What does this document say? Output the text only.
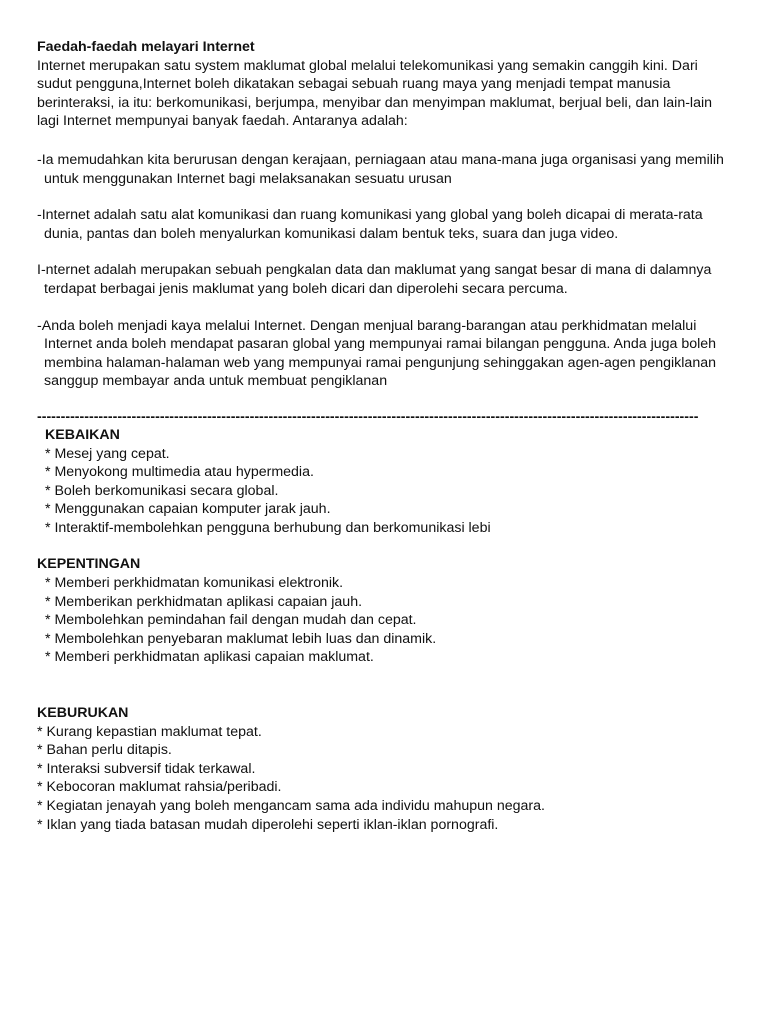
Faedah-faedah melayari Internet

Internet merupakan satu system maklumat global melalui telekomunikasi yang semakin canggih kini. Dari sudut pengguna,Internet boleh dikatakan sebagai sebuah ruang maya yang menjadi tempat manusia berinteraksi, ia itu: berkomunikasi, berjumpa, menyibar dan menyimpan maklumat, berjual beli, dan lain-lain lagi Internet mempunyai banyak faedah. Antaranya adalah:

-Ia memudahkan kita berurusan dengan kerajaan, perniagaan atau mana-mana juga organisasi yang memilih untuk menggunakan Internet bagi melaksanakan sesuatu urusan

-Internet adalah satu alat komunikasi dan ruang komunikasi yang global yang boleh dicapai di merata-rata dunia, pantas dan boleh menyalurkan komunikasi dalam bentuk teks, suara dan juga video.

I-nternet adalah merupakan sebuah pengkalan data dan maklumat yang sangat besar di mana di dalamnya terdapat berbagai jenis maklumat yang boleh dicari dan diperolehi secara percuma.

-Anda boleh menjadi kaya melalui Internet. Dengan menjual barang-barangan atau perkhidmatan melalui Internet anda boleh mendapat pasaran global yang mempunyai ramai bilangan pengguna. Anda juga boleh membina halaman-halaman web yang mempunyai ramai pengunjung sehinggakan agen-agen pengiklanan sanggup membayar anda untuk membuat pengiklanan

--------------------------------------------------------------------------------------------------------------------------------------------
KEBAIKAN
* Mesej yang cepat.
* Menyokong multimedia atau hypermedia.
* Boleh berkomunikasi secara global.
* Menggunakan capaian komputer jarak jauh.
* Interaktif-membolehkan pengguna berhubung dan berkomunikasi lebi
KEPENTINGAN
* Memberi perkhidmatan komunikasi elektronik.
* Memberikan perkhidmatan aplikasi capaian jauh.
* Membolehkan pemindahan fail dengan mudah dan cepat.
* Membolehkan penyebaran maklumat lebih luas dan dinamik.
* Memberi perkhidmatan aplikasi capaian maklumat.
KEBURUKAN
* Kurang kepastian maklumat tepat.
* Bahan perlu ditapis.
* Interaksi subversif tidak terkawal.
* Kebocoran maklumat rahsia/peribadi.
* Kegiatan jenayah yang boleh mengancam sama ada individu mahupun negara.
* Iklan yang tiada batasan mudah diperolehi seperti iklan-iklan pornografi.
